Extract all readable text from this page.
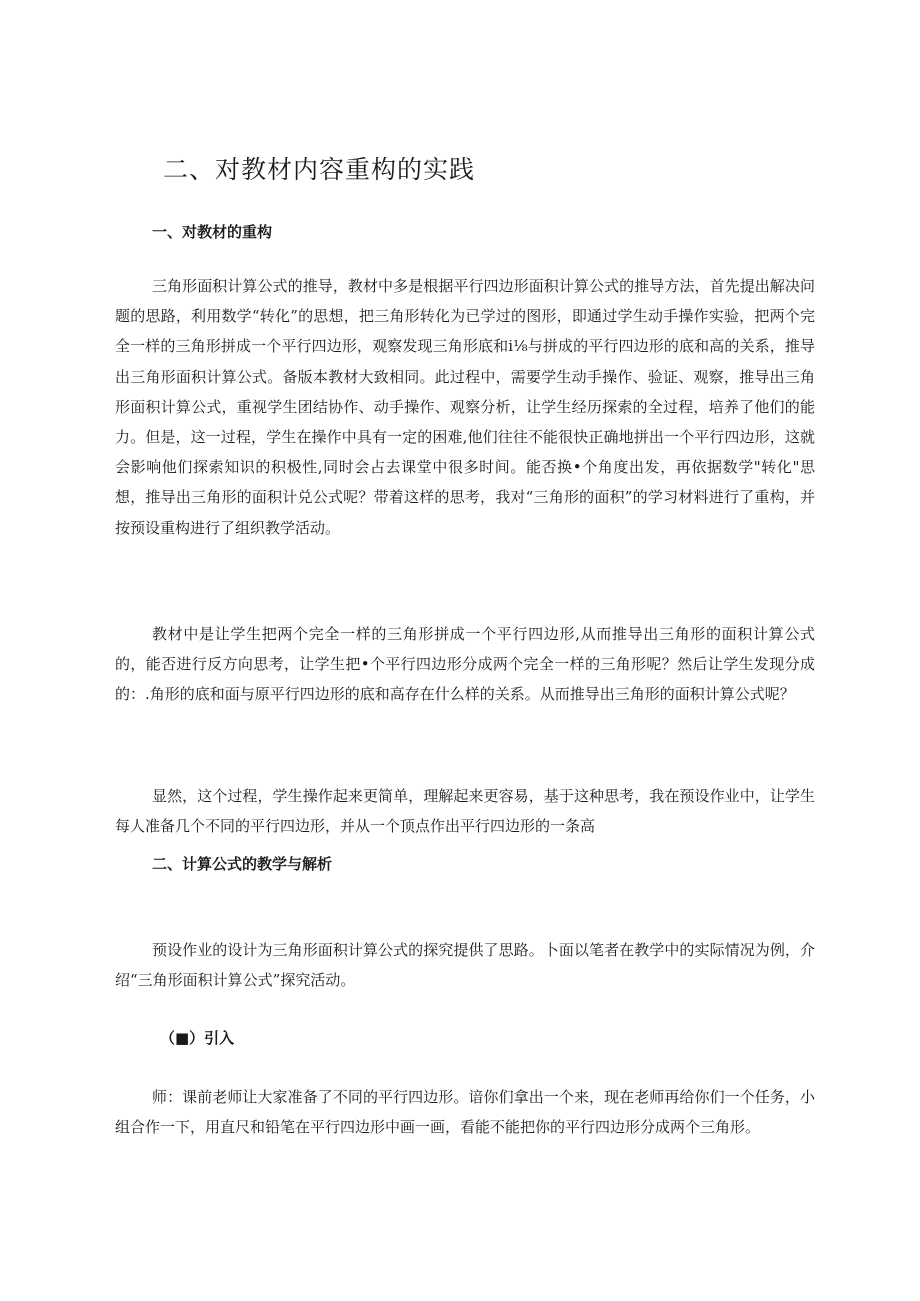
二、对教材内容重构的实践
一、对教材的重构

三角形面积计算公式的推导，教材中多是根据平行四边形面积计算公式的推导方法，首先提出解决问题的思路，利用数学“转化”的思想，把三角形转化为已学过的图形，即通过学生动手操作实验，把两个完全一样的三角形拼成一个平行四边形，观察发现三角形底和i⅛与拼成的平行四边形的底和高的关系，推导出三角形面积计算公式。备版本教材大致相同。此过程中，需要学生动手操作、验证、观察，推导出三角形面积计算公式，重视学生团结协作、动手操作、观察分析，让学生经历探索的全过程，培养了他们的能力。但是，这一过程，学生在操作中具有一定的困难,他们往往不能很快正确地拼出一个平行四边形，这就会影响他们探索知识的积极性,同时会占去课堂中很多时间。能否换•个角度出发，再依据数学"转化"思想，推导出三角形的面积计兑公式呢？带着这样的思考，我对“三角形的面积”的学习材料进行了重构，并按预设重构进行了组织教学活动。

教材中是让学生把两个完全一样的三角形拼成一个平行四边形,从而推导出三角形的面积计算公式的，能否进行反方向思考，让学生把•个平行四边形分成两个完全一样的三角形呢？然后让学生发现分成的：.角形的底和面与原平行四边形的底和高存在什么样的关系。从而推导出三角形的面积计算公式呢？

显然，这个过程，学生操作起来更简单，理解起来更容易，基于这种思考，我在预设作业中，让学生每人准备几个不同的平行四边形，并从一个顶点作出平行四边形的一条高

二、计算公式的教学与解析

预设作业的设计为三角形面积计算公式的探究提供了思路。卜面以笔者在教学中的实际情况为例，介绍“三角形面积计算公式”探究活动。

（■）引入

师：课前老师让大家准备了不同的平行四边形。谙你们拿出一个来，现在老师再给你们一个任务，小组合作一下，用直尺和铅笔在平行四边形中画一画，看能不能把你的平行四边形分成两个三角形。
